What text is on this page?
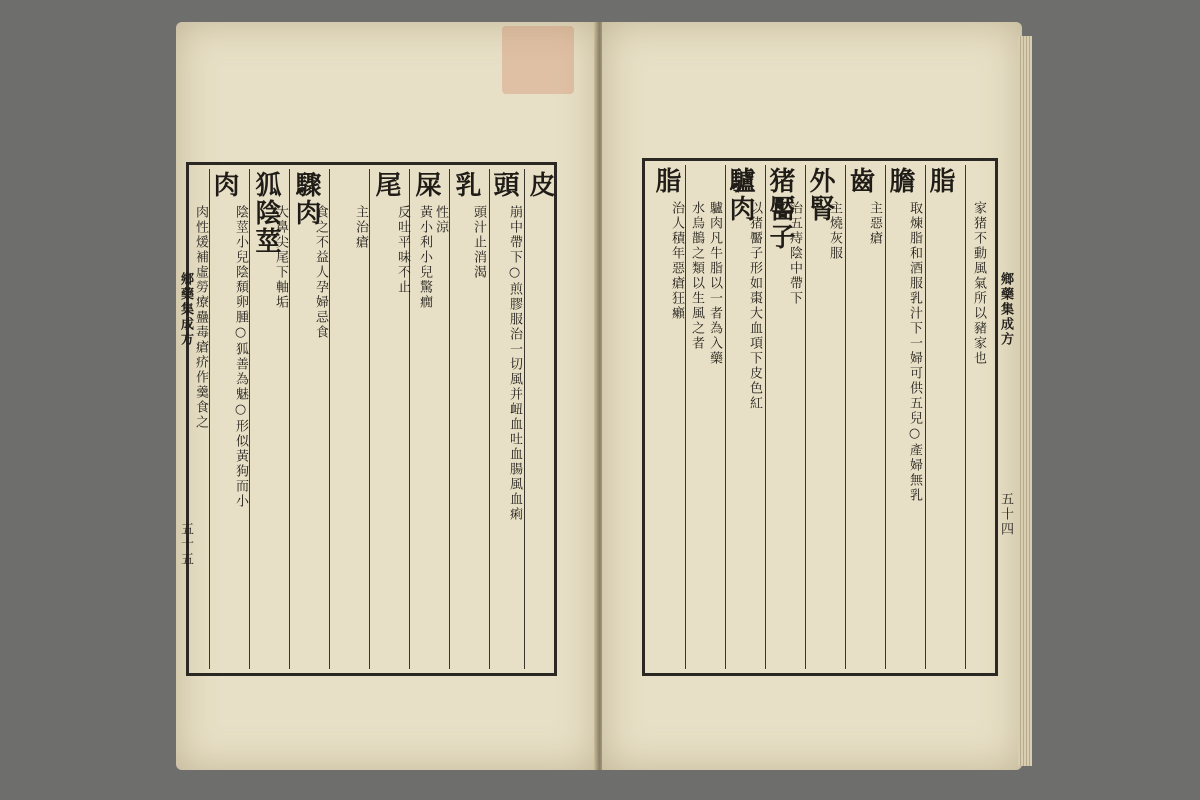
皮
頭
乳
屎
尾
驟肉
狐陰莖
肉
崩中帶下○煎膠服治一切風并衄血吐血腸風血痢
頭汁止消渴
性涼
黃小利小兒驚癇
反吐平味不止
主治瘡
食之不益人孕婦忌食
大鼻尖尾下軸垢
陰莖小兒陰頹卵腫○狐善為魅○形似黃狗而小
肉性煖補虛勞療蠱毒瘡疥作羹食之
鄉藥集成方
五十五
脂
膽
齒
外腎
猪靨子
驢肉
脂
家猪不動風氣所以豬家也
取煉脂和酒服乳汁下一婦可供五兒○產婦無乳
主惡瘡
主燒灰服
治五痔陰中帶下
以猪靨子形如棗大血項下皮色紅
驢肉凡牛脂以一者為入藥
治人積年惡瘡狂癩 水烏鵲之類以生風之者	鄉藥集成方
五十四
